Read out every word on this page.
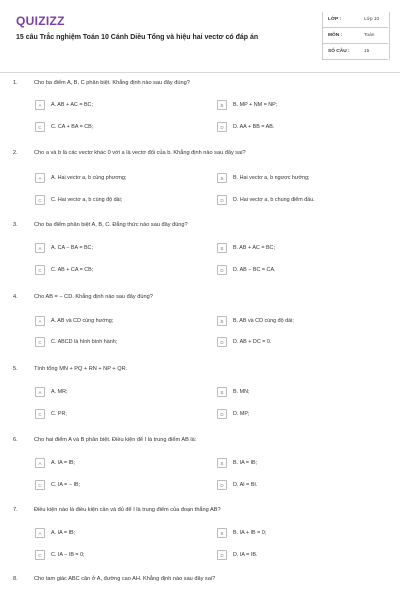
QUIZIZZ
15 câu Trắc nghiệm Toán 10 Cánh Diều Tổng và hiệu hai vectơ có đáp án
LỚP :	Lớp 10
MÔN :	Toán
SỐ CÂU :	15
1.	Cho ba điểm A, B, C phân biệt. Khẳng định nào sau đây đúng?
A	A. AB + AC = BC;	B	B. MP + NM = NP;
C	C. CA + BA = CB;	D	D. AA + BB = AB.
2.	Cho a và b là các vectơ khác 0 với a là vectơ đối của b. Khẳng định nào sau đây sai?
A	A. Hai vectơ a, b cùng phương;	B	B. Hai vectơ a, b ngược hướng;
C	C. Hai vectơ a, b cùng độ dài;	D	D. Hai vectơ a, b chung điểm đầu.
3.	Cho ba điểm phân biệt A, B, C. Đẳng thức nào sau đây đúng?
A	A. CA − BA = BC;	B	B. AB + AC = BC;
C	C. AB + CA = CB;	D	D. AB − BC = CA.
4.	Cho AB = − CD. Khẳng định nào sau đây đúng?
A	A. AB và CD cùng hướng;	B	B. AB và CD cùng độ dài;
C	C. ABCD là hình bình hành;	D	D. AB + DC = 0.
5.	Tính tổng MN + PQ + RN + NP + QR.
A	A. MR;	B	B. MN;
C	C. PR;	D	D. MP;
6.	Cho hai điểm A và B phân biệt. Điều kiện để I là trung điểm AB là:
A	A. IA = IB;	B	B. IA = IB;
C	C. IA = − IB;	D	D. AI = BI.
7.	Điều kiện nào là điều kiện cần và đủ để I là trung điểm của đoạn thẳng AB?
A	A. IA = IB;	B	B. IA + IB = 0;
C	C. IA − IB = 0;	D	D. IA = IB.
8.	Cho tam giác ABC cân ở A, đường cao AH. Khẳng định nào sau đây sai?
